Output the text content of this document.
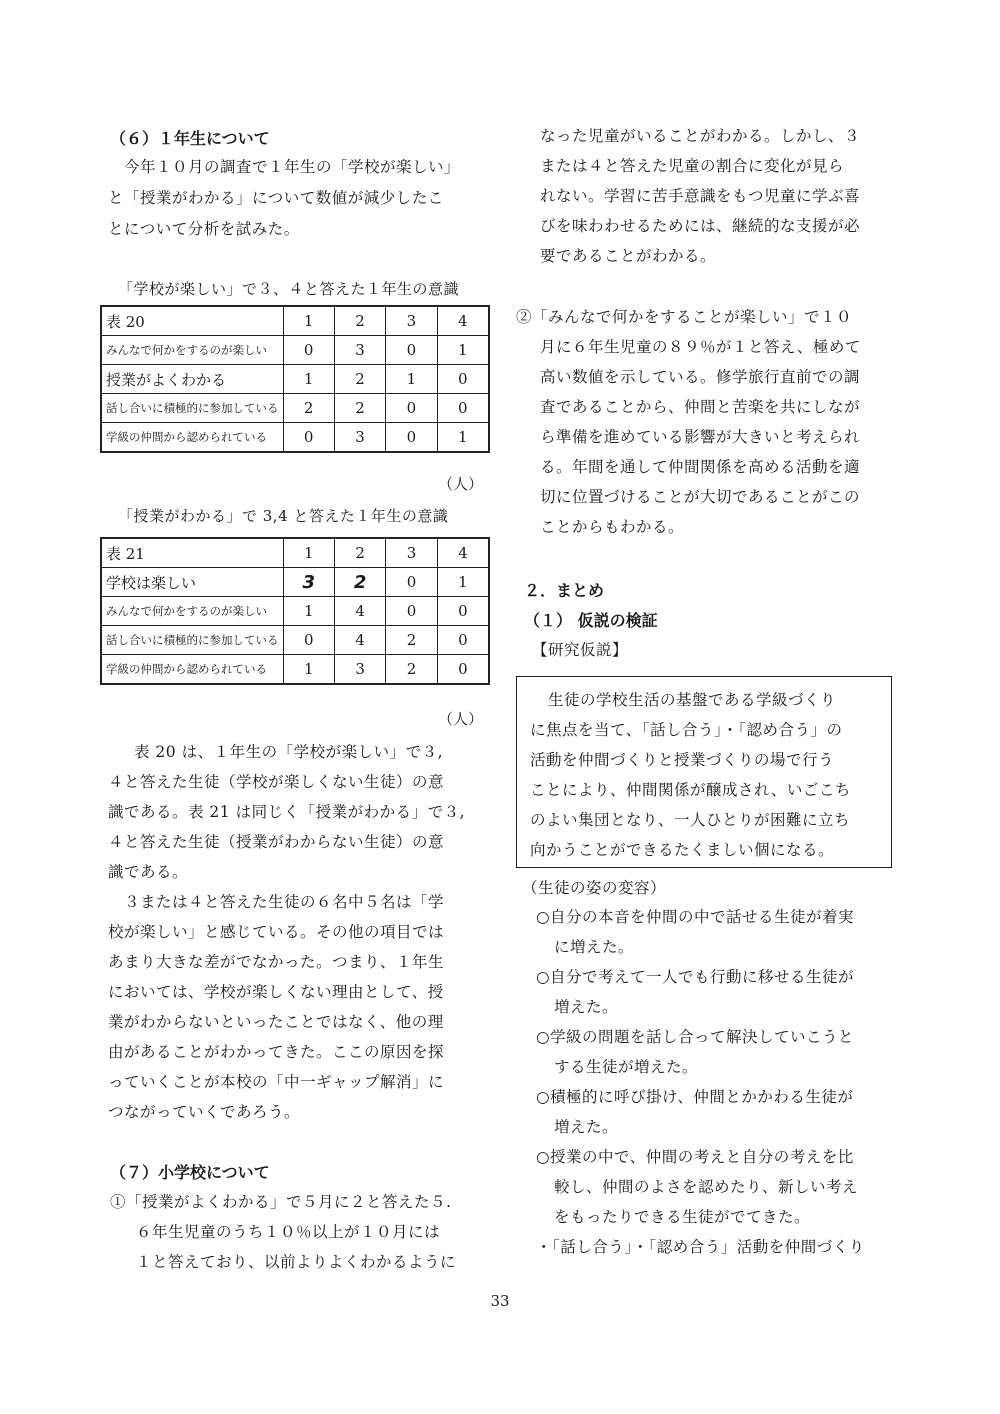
（６）１年生について
今年１０月の調査で１年生の「学校が楽しい」
と「授業がわかる」について数値が減少したこ
とについて分析を試みた。
「学校が楽しい」で３、４と答えた１年生の意識
表 20	1	2	3	4
みんなで何かをするのが楽しい	0	3	0	1
授業がよくわかる	1	2	1	0
話し合いに積極的に参加している	2	2	0	0
学級の仲間から認められている	0	3	0	1
（人）
「授業がわかる」で 3,4 と答えた１年生の意識
表 21	1	2	3	4
学校は楽しい	3	2	0	1
みんなで何かをするのが楽しい	1	4	0	0
話し合いに積極的に参加している	0	4	2	0
学級の仲間から認められている	1	3	2	0
（人）
表 20 は、１年生の「学校が楽しい」で３,
４と答えた生徒（学校が楽しくない生徒）の意
識である。表 21 は同じく「授業がわかる」で３,
４と答えた生徒（授業がわからない生徒）の意
識である。
３または４と答えた生徒の６名中５名は「学
校が楽しい」と感じている。その他の項目では
あまり大きな差がでなかった。つまり、１年生
においては、学校が楽しくない理由として、授
業がわからないといったことではなく、他の理
由があることがわかってきた。ここの原因を探
っていくことが本校の「中一ギャップ解消」に
つながっていくであろう。
（７）小学校について
①「授業がよくわかる」で５月に２と答えた５.
６年生児童のうち１０％以上が１０月には
１と答えており、以前よりよくわかるように
なった児童がいることがわかる。しかし、３
または４と答えた児童の割合に変化が見ら
れない。学習に苦手意識をもつ児童に学ぶ喜
びを味わわせるためには、継続的な支援が必
要であることがわかる。
②「みんなで何かをすることが楽しい」で１０
月に６年生児童の８９％が１と答え、極めて
高い数値を示している。修学旅行直前での調
査であることから、仲間と苦楽を共にしなが
ら準備を進めている影響が大きいと考えられ
る。年間を通して仲間関係を高める活動を適
切に位置づけることが大切であることがこの
ことからもわかる。
２．まとめ
（１） 仮説の検証
【研究仮説】
生徒の学校生活の基盤である学級づくり
に焦点を当て、「話し合う」・「認め合う」の
活動を仲間づくりと授業づくりの場で行う
ことにより、仲間関係が醸成され、いごこち
のよい集団となり、一人ひとりが困難に立ち
向かうことができるたくましい個になる。
（生徒の姿の変容）
○自分の本音を仲間の中で話せる生徒が着実
に増えた。
○自分で考えて一人でも行動に移せる生徒が
増えた。
○学級の問題を話し合って解決していこうと
する生徒が増えた。
○積極的に呼び掛け、仲間とかかわる生徒が
増えた。
○授業の中で、仲間の考えと自分の考えを比
較し、仲間のよさを認めたり、新しい考え
をもったりできる生徒がでてきた。
・「話し合う」・「認め合う」活動を仲間づくり
33
